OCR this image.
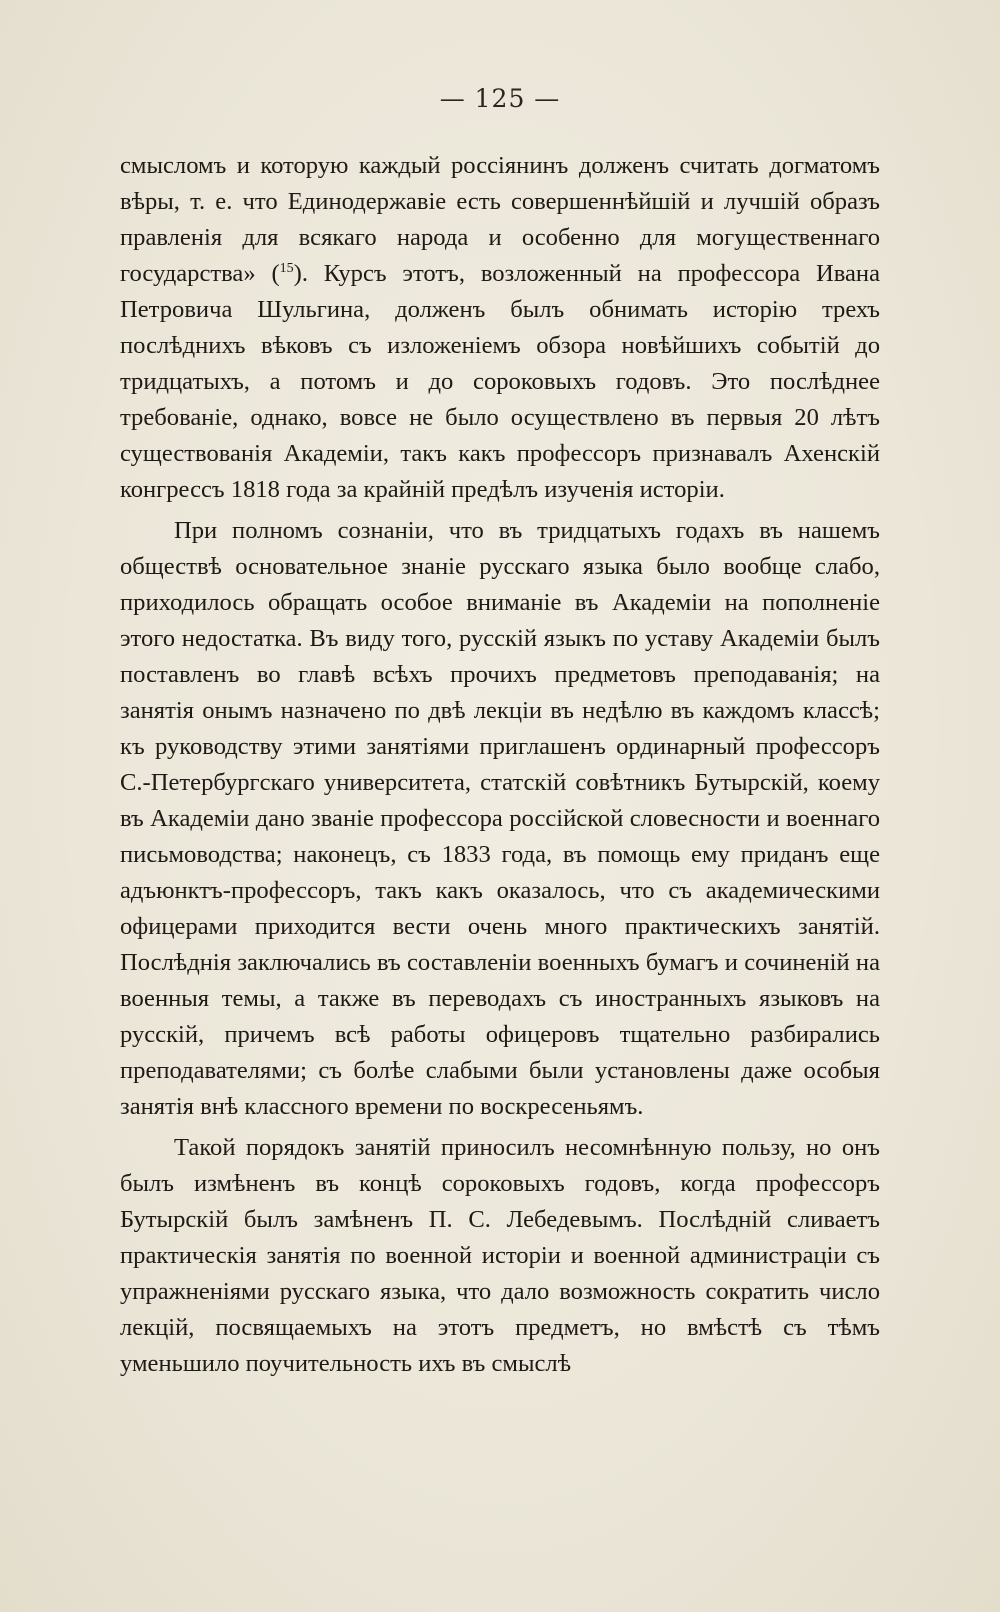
— 125 —

смысломъ и которую каждый россіянинъ долженъ считать догматомъ вѣры, т. е. что Единодержавіе есть совершеннѣйшій и лучшій образъ правленія для всякаго народа и особенно для могущественнаго государства» ($^{15}$). Курсъ этотъ, возложенный на профессора Ивана Петровича Шульгина, долженъ былъ обнимать исторію трехъ послѣднихъ вѣковъ съ изложеніемъ обзора новѣйшихъ событій до тридцатыхъ, а потомъ и до сороковыхъ годовъ. Это послѣднее требованіе, однако, вовсе не было осуществлено въ первыя 20 лѣтъ существованія Академіи, такъ какъ профессоръ признавалъ Ахенскій конгрессъ 1818 года за крайній предѣлъ изученія исторіи.

При полномъ сознаніи, что въ тридцатыхъ годахъ въ нашемъ обществѣ основательное знаніе русскаго языка было вообще слабо, приходилось обращать особое вниманіе въ Академіи на пополненіе этого недостатка. Въ виду того, русскій языкъ по уставу Академіи былъ поставленъ во главѣ всѣхъ прочихъ предметовъ преподаванія; на занятія онымъ назначено по двѣ лекціи въ недѣлю въ каждомъ классѣ; къ руководству этими занятіями приглашенъ ординарный профессоръ С.-Петербургскаго университета, статскій совѣтникъ Бутырскій, коему въ Академіи дано званіе профессора россійской словесности и военнаго письмоводства; наконецъ, съ 1833 года, въ помощь ему приданъ еще адъюнктъ-профессоръ, такъ какъ оказалось, что съ академическими офицерами приходится вести очень много практическихъ занятій. Послѣднія заключались въ составленіи военныхъ бумагъ и сочиненій на военныя темы, а также въ переводахъ съ иностранныхъ языковъ на русскій, причемъ всѣ работы офицеровъ тщательно разбирались преподавателями; съ болѣе слабыми были установлены даже особыя занятія внѣ классного времени по воскресеньямъ.

Такой порядокъ занятій приносилъ несомнѣнную пользу, но онъ былъ измѣненъ въ концѣ сороковыхъ годовъ, когда профессоръ Бутырскій былъ замѣненъ П. С. Лебедевымъ. Послѣдній сливаетъ практическія занятія по военной исторіи и военной администраціи съ упражненіями русскаго языка, что дало возможность сократить число лекцій, посвящаемыхъ на этотъ предметъ, но вмѣстѣ съ тѣмъ уменьшило поучительность ихъ въ смыслѣ
